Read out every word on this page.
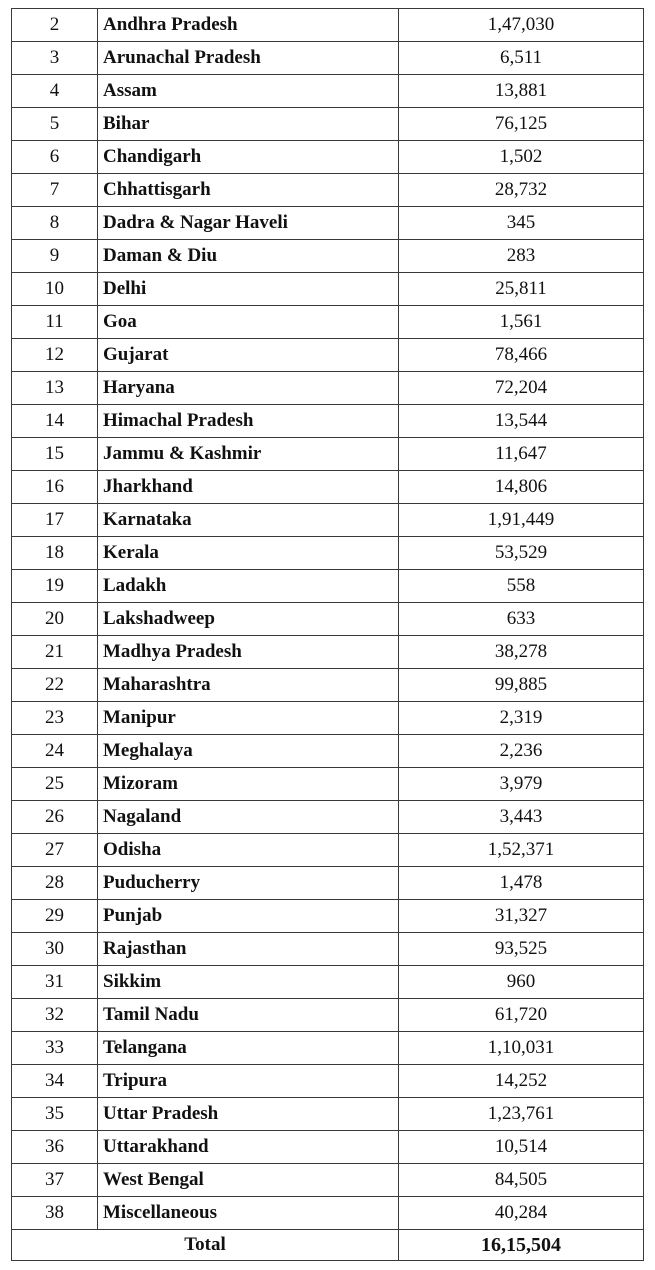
2	Andhra Pradesh	1,47,030
3	Arunachal Pradesh	6,511
4	Assam	13,881
5	Bihar	76,125
6	Chandigarh	1,502
7	Chhattisgarh	28,732
8	Dadra & Nagar Haveli	345
9	Daman & Diu	283
10	Delhi	25,811
11	Goa	1,561
12	Gujarat	78,466
13	Haryana	72,204
14	Himachal Pradesh	13,544
15	Jammu & Kashmir	11,647
16	Jharkhand	14,806
17	Karnataka	1,91,449
18	Kerala	53,529
19	Ladakh	558
20	Lakshadweep	633
21	Madhya Pradesh	38,278
22	Maharashtra	99,885
23	Manipur	2,319
24	Meghalaya	2,236
25	Mizoram	3,979
26	Nagaland	3,443
27	Odisha	1,52,371
28	Puducherry	1,478
29	Punjab	31,327
30	Rajasthan	93,525
31	Sikkim	960
32	Tamil Nadu	61,720
33	Telangana	1,10,031
34	Tripura	14,252
35	Uttar Pradesh	1,23,761
36	Uttarakhand	10,514
37	West Bengal	84,505
38	Miscellaneous	40,284
Total		16,15,504
